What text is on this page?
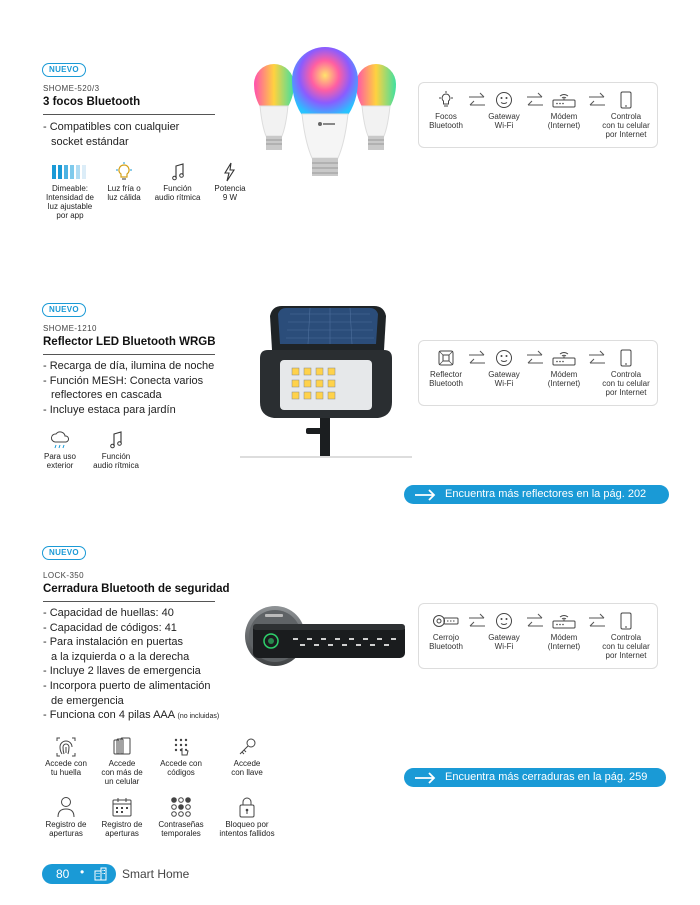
NUEVO
SHOME-520/3
3 focos Bluetooth
- Compatibles con cualquier
socket estándar
Dimeable:
Intensidad de
luz ajustable
por app
Luz fría o
luz cálida
Función
audio rítmica
Potencia
9 W
Focos
Bluetooth
Gateway
Wi-Fi
Módem
(Internet)
Controla
con tu celular
por Internet
NUEVO
SHOME-1210
Reflector LED Bluetooth WRGB
- Recarga de día, ilumina de noche
- Función MESH: Conecta varios
reflectores en cascada
- Incluye estaca para jardín
Para uso
exterior
Función
audio rítmica
Reflector
Bluetooth
Gateway
Wi-Fi
Módem
(Internet)
Controla
con tu celular
por Internet
Encuentra más reflectores en la pág. 202
NUEVO
LOCK-350
Cerradura Bluetooth de seguridad
- Capacidad de huellas: 40
- Capacidad de códigos: 41
- Para instalación en puertas
a la izquierda o a la derecha
- Incluye 2 llaves de emergencia
- Incorpora puerto de alimentación
de emergencia
- Funciona con 4 pilas AAA (no incluidas)
Accede con
tu huella
Accede
con más de
un celular
Accede con
códigos
Accede
con llave
Registro de
aperturas
Registro de
aperturas
Contraseñas
temporales
Bloqueo por
intentos fallidos
Cerrojo
Bluetooth
Gateway
Wi-Fi
Módem
(Internet)
Controla
con tu celular
por Internet
Encuentra más cerraduras en la pág. 259
80 •	Smart Home
